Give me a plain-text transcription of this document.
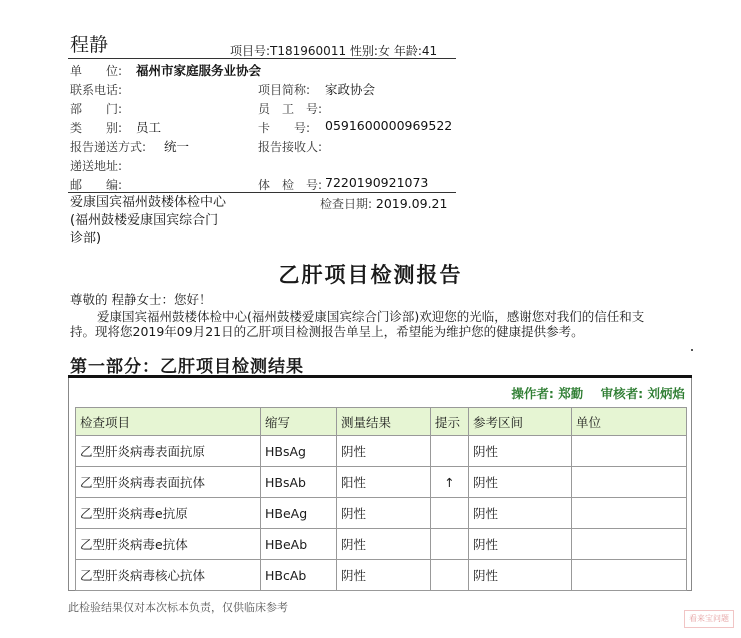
程静	项目号:T181960011 性别:女 年龄:41
单　　位: 福州市家庭服务业协会
联系电话:	项目简称: 家政协会
部　　门:	员　工　号:
类　　别: 员工	卡　　号: 0591600000969522
报告递送方式: 统一	报告接收人:
递送地址:
邮　　编:	体　检　号: 7220190921073
爱康国宾福州鼓楼体检中心
(福州鼓楼爱康国宾综合门
诊部)
检查日期: 2019.09.21
乙肝项目检测报告
尊敬的 程静女士：您好！
爱康国宾福州鼓楼体检中心(福州鼓楼爱康国宾综合门诊部)欢迎您的光临，感谢您对我们的信任和支
持。现将您2019年09月21日的乙肝项目检测报告单呈上，希望能为维护您的健康提供参考。
第一部分：乙肝项目检测结果
操作者: 郑勤 审核者: 刘炳焰
检查项目	缩写	测量结果	提示	参考区间	单位
乙型肝炎病毒表面抗原	HBsAg	阴性		阴性	
乙型肝炎病毒表面抗体	HBsAb	阳性	↑	阴性	
乙型肝炎病毒e抗原	HBeAg	阴性		阴性	
乙型肝炎病毒e抗体	HBeAb	阴性		阴性	
乙型肝炎病毒核心抗体	HBcAb	阴性		阴性	
此检验结果仅对本次标本负责，仅供临床参考
看来宝问题
